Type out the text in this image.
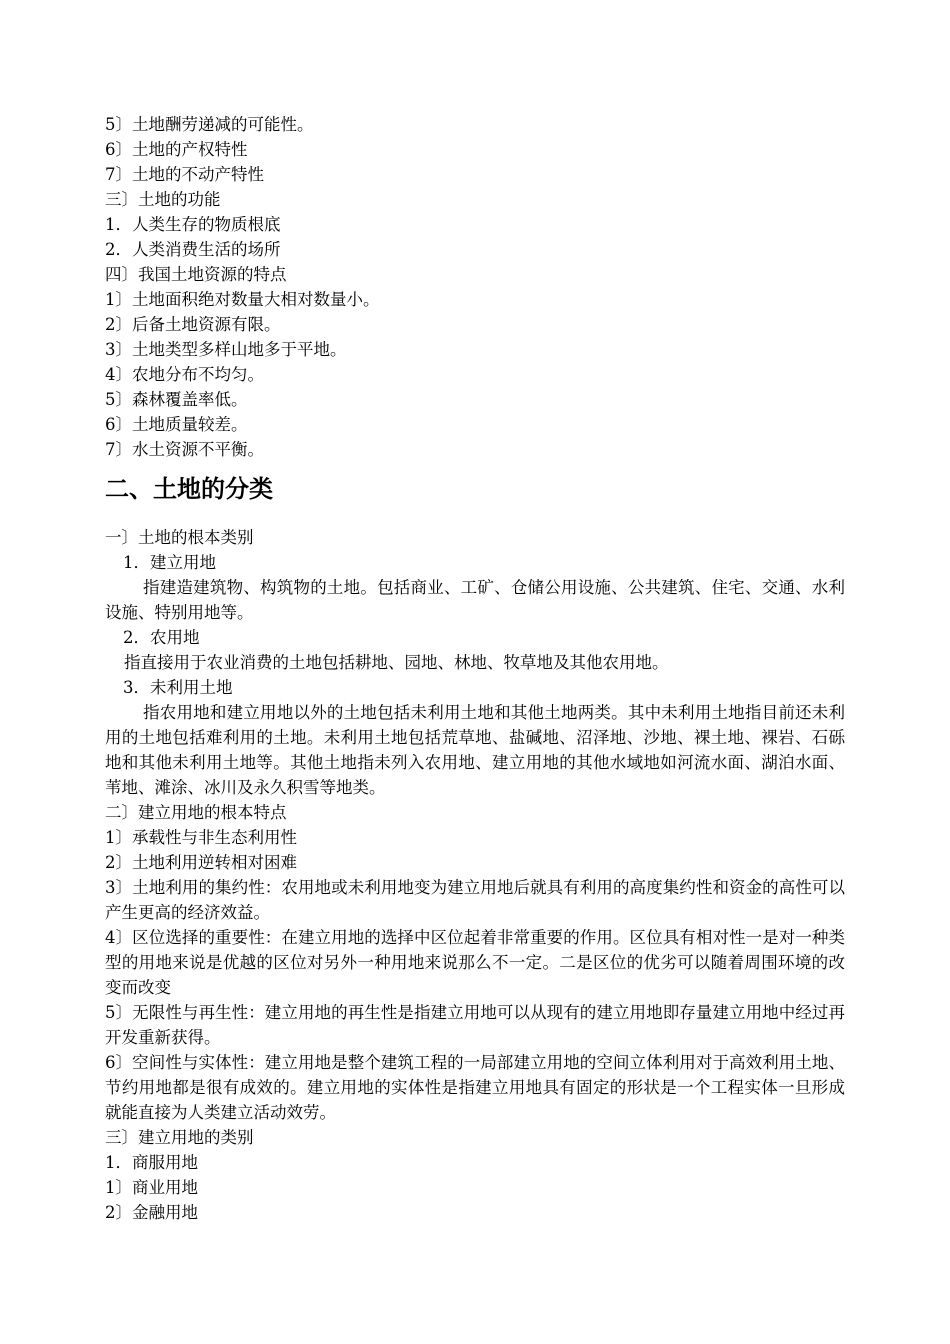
5〕土地酬劳递减的可能性。
6〕土地的产权特性
7〕土地的不动产特性
三〕土地的功能
1．人类生存的物质根底
2．人类消费生活的场所
四〕我国土地资源的特点
1〕土地面积绝对数量大相对数量小。
2〕后备土地资源有限。
3〕土地类型多样山地多于平地。
4〕农地分布不均匀。
5〕森林覆盖率低。
6〕土地质量较差。
7〕水土资源不平衡。
二、土地的分类
一〕土地的根本类别
1．建立用地
指建造建筑物、构筑物的土地。包括商业、工矿、仓储公用设施、公共建筑、住宅、交通、水利设施、特别用地等。
2．农用地
指直接用于农业消费的土地包括耕地、园地、林地、牧草地及其他农用地。
3．未利用土地
指农用地和建立用地以外的土地包括未利用土地和其他土地两类。其中未利用土地指目前还未利用的土地包括难利用的土地。未利用土地包括荒草地、盐碱地、沼泽地、沙地、裸土地、裸岩、石砾地和其他未利用土地等。其他土地指未列入农用地、建立用地的其他水域地如河流水面、湖泊水面、苇地、滩涂、冰川及永久积雪等地类。
二〕建立用地的根本特点
1〕承载性与非生态利用性
2〕土地利用逆转相对困难
3〕土地利用的集约性：农用地或未利用地变为建立用地后就具有利用的高度集约性和资金的高性可以产生更高的经济效益。
4〕区位选择的重要性：在建立用地的选择中区位起着非常重要的作用。区位具有相对性一是对一种类型的用地来说是优越的区位对另外一种用地来说那么不一定。二是区位的优劣可以随着周围环境的改变而改变
5〕无限性与再生性：建立用地的再生性是指建立用地可以从现有的建立用地即存量建立用地中经过再开发重新获得。
6〕空间性与实体性：建立用地是整个建筑工程的一局部建立用地的空间立体利用对于高效利用土地、节约用地都是很有成效的。建立用地的实体性是指建立用地具有固定的形状是一个工程实体一旦形成就能直接为人类建立活动效劳。
三〕建立用地的类别
1．商服用地
1〕商业用地
2〕金融用地
